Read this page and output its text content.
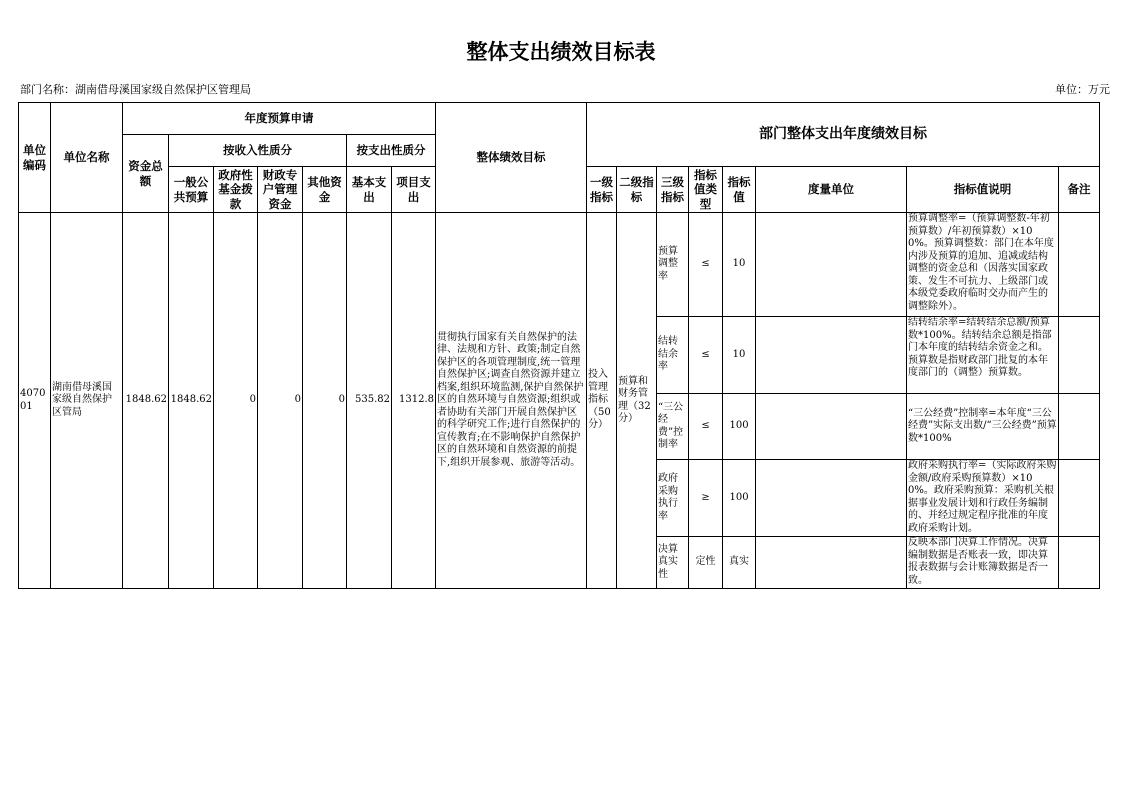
整体支出绩效目标表
部门名称：湖南借母溪国家级自然保护区管理局	单位：万元
单位编码	单位名称	年度预算申请							整体绩效目标	部门整体支出年度绩效目标							
		资金总额	按收入性质分				按支出性质分										
			一般公共预算	政府性基金拨款	财政专户管理资金	其他资金	基本支出	项目支出		一级指标	二级指标	三级指标	指标值类型	指标值	度量单位	指标值说明	备注
407001	湖南借母溪国家级自然保护区管局	1848.62	1848.62	0	0	0	535.82	1312.8	贯彻执行国家有关自然保护的法律、法规和方针、政策;制定自然保护区的各项管理制度,统一管理自然保护区;调查自然资源并建立档案,组织环境监测,保护自然保护区的自然环境与自然资源;组织或者协助有关部门开展自然保护区的科学研究工作;进行自然保护的宣传教育;在不影响保护自然保护区的自然环境和自然资源的前提下,组织开展参观、旅游等活动。	投入管理指标（50分）	预算和财务管理（32分）	预算调整率	≤	10		预算调整率=（预算调整数-年初预算数）/年初预算数）×100%。预算调整数：部门在本年度内涉及预算的追加、追减或结构调整的资金总和（因落实国家政策、发生不可抗力、上级部门或本级党委政府临时交办而产生的调整除外）。	

												结转结余率	≤	10		结转结余率=结转结余总额/预算数*100%。结转结余总额是指部门本年度的结转结余资金之和。预算数是指财政部门批复的本年度部门的（调整）预算数。	

												“三公经费”控制率	≤	100		“三公经费”控制率=本年度“三公经费”实际支出数/“三公经费”预算数*100%	
												政府采购执行率	≥	100		政府采购执行率=（实际政府采购金额/政府采购预算数）×100%。政府采购预算：采购机关根据事业发展计划和行政任务编制的、并经过规定程序批准的年度政府采购计划。	

												决算真实性	定性	真实		反映本部门决算工作情况。决算编制数据是否账表一致，即决算报表数据与会计账簿数据是否一致。	
